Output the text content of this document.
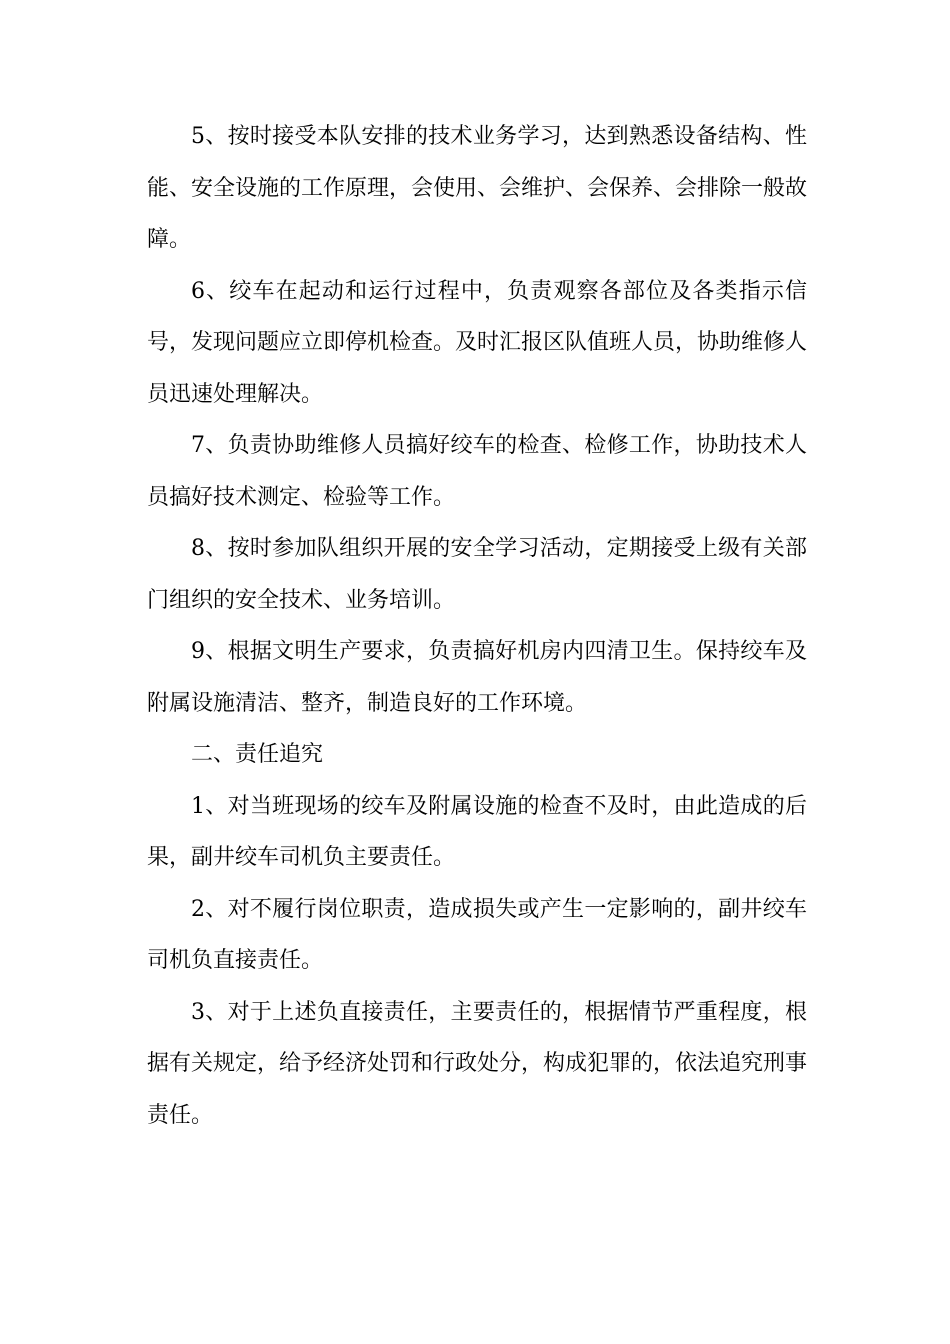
5、按时接受本队安排的技术业务学习，达到熟悉设备结构、性能、安全设施的工作原理，会使用、会维护、会保养、会排除一般故障。

6、绞车在起动和运行过程中，负责观察各部位及各类指示信号，发现问题应立即停机检查。及时汇报区队值班人员，协助维修人员迅速处理解决。

7、负责协助维修人员搞好绞车的检查、检修工作，协助技术人员搞好技术测定、检验等工作。

8、按时参加队组织开展的安全学习活动，定期接受上级有关部门组织的安全技术、业务培训。

9、根据文明生产要求，负责搞好机房内四清卫生。保持绞车及附属设施清洁、整齐，制造良好的工作环境。

二、责任追究

1、对当班现场的绞车及附属设施的检查不及时，由此造成的后果，副井绞车司机负主要责任。

2、对不履行岗位职责，造成损失或产生一定影响的，副井绞车司机负直接责任。

3、对于上述负直接责任，主要责任的，根据情节严重程度，根据有关规定，给予经济处罚和行政处分，构成犯罪的，依法追究刑事责任。
